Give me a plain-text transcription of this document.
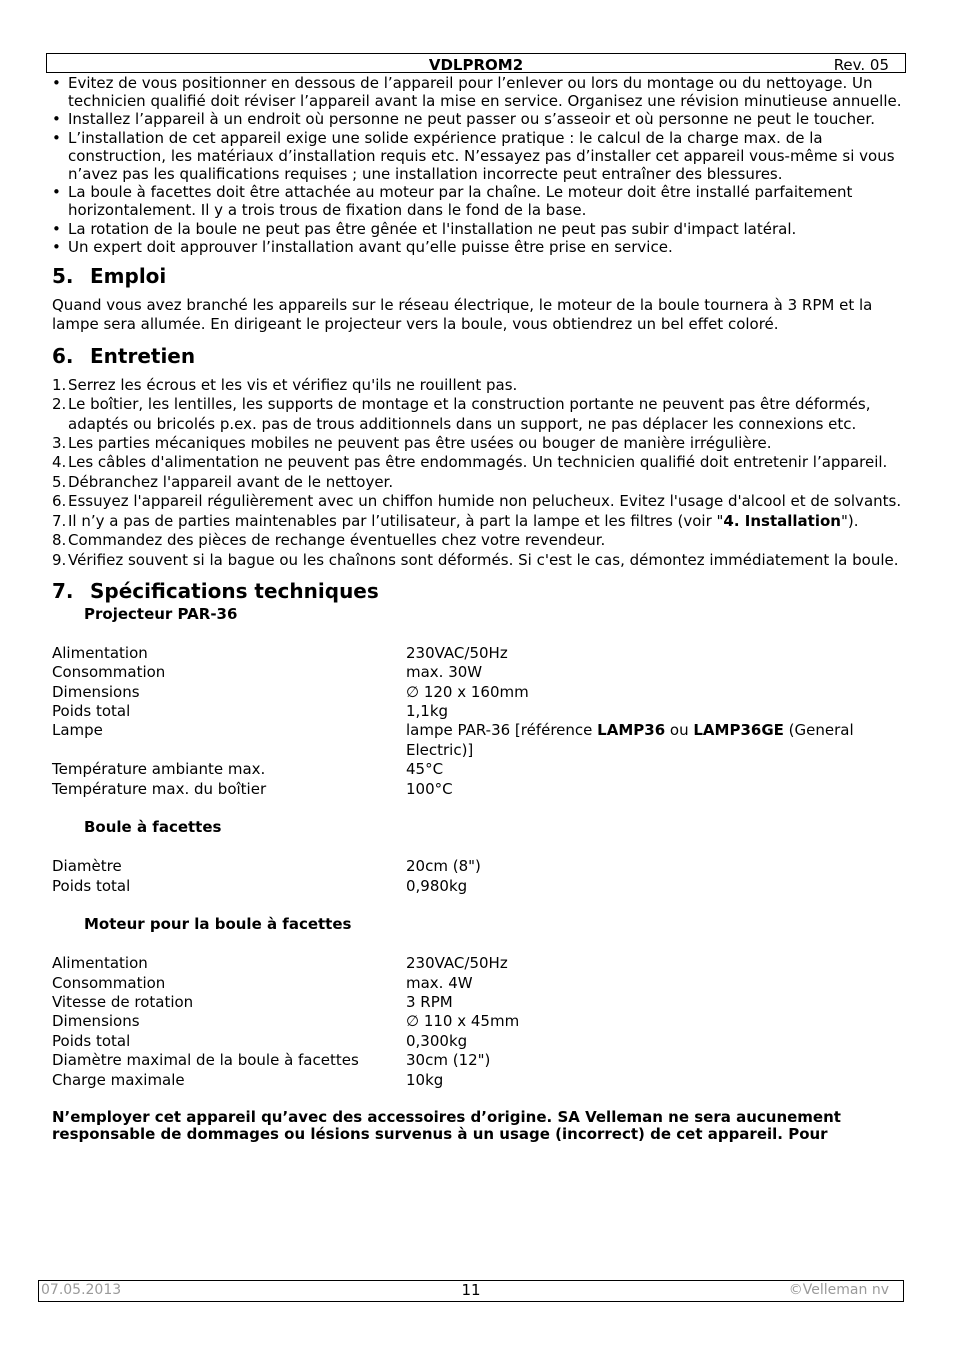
VDLPROM2	Rev. 05
• Evitez de vous positionner en dessous de l’appareil pour l’enlever ou lors du montage ou du nettoyage. Un technicien qualifié doit réviser l’appareil avant la mise en service. Organisez une révision minutieuse annuelle.
• Installez l’appareil à un endroit où personne ne peut passer ou s’asseoir et où personne ne peut le toucher.
• L’installation de cet appareil exige une solide expérience pratique : le calcul de la charge max. de la construction, les matériaux d’installation requis etc. N’essayez pas d’installer cet appareil vous-même si vous n’avez pas les qualifications requises ; une installation incorrecte peut entraîner des blessures.
• La boule à facettes doit être attachée au moteur par la chaîne. Le moteur doit être installé parfaitement horizontalement. Il y a trois trous de fixation dans le fond de la base.
• La rotation de la boule ne peut pas être gênée et l'installation ne peut pas subir d'impact latéral.
• Un expert doit approuver l’installation avant qu’elle puisse être prise en service.
5. Emploi

Quand vous avez branché les appareils sur le réseau électrique, le moteur de la boule tournera à 3 RPM et la lampe sera allumée. En dirigeant le projecteur vers la boule, vous obtiendrez un bel effet coloré.

6. Entretien
1. Serrez les écrous et les vis et vérifiez qu'ils ne rouillent pas.
2. Le boîtier, les lentilles, les supports de montage et la construction portante ne peuvent pas être déformés, adaptés ou bricolés p.ex. pas de trous additionnels dans un support, ne pas déplacer les connexions etc.
3. Les parties mécaniques mobiles ne peuvent pas être usées ou bouger de manière irrégulière.
4. Les câbles d'alimentation ne peuvent pas être endommagés. Un technicien qualifié doit entretenir l’appareil.
5. Débranchez l'appareil avant de le nettoyer.
6. Essuyez l'appareil régulièrement avec un chiffon humide non pelucheux. Evitez l'usage d'alcool et de solvants.
7. Il n’y a pas de parties maintenables par l’utilisateur, à part la lampe et les filtres (voir "4. Installation").
8. Commandez des pièces de rechange éventuelles chez votre revendeur.
9. Vérifiez souvent si la bague ou les chaînons sont déformés. Si c'est le cas, démontez immédiatement la boule.
7. Spécifications techniques
Projecteur PAR-36
Alimentation	230VAC/50Hz
Consommation	max. 30W
Dimensions	∅ 120 x 160mm
Poids total	1,1kg
Lampe	lampe PAR-36 [référence LAMP36 ou LAMP36GE (General Electric)]
Température ambiante max.	45°C
Température max. du boîtier	100°C
Boule à facettes
Diamètre	20cm (8")
Poids total	0,980kg
Moteur pour la boule à facettes
Alimentation	230VAC/50Hz
Consommation	max. 4W
Vitesse de rotation	3 RPM
Dimensions	∅ 110 x 45mm
Poids total	0,300kg
Diamètre maximal de la boule à facettes	30cm (12")
Charge maximale	10kg
N’employer cet appareil qu’avec des accessoires d’origine. SA Velleman ne sera aucunement responsable de dommages ou lésions survenus à un usage (incorrect) de cet appareil. Pour
07.05.2013	11	©Velleman nv
